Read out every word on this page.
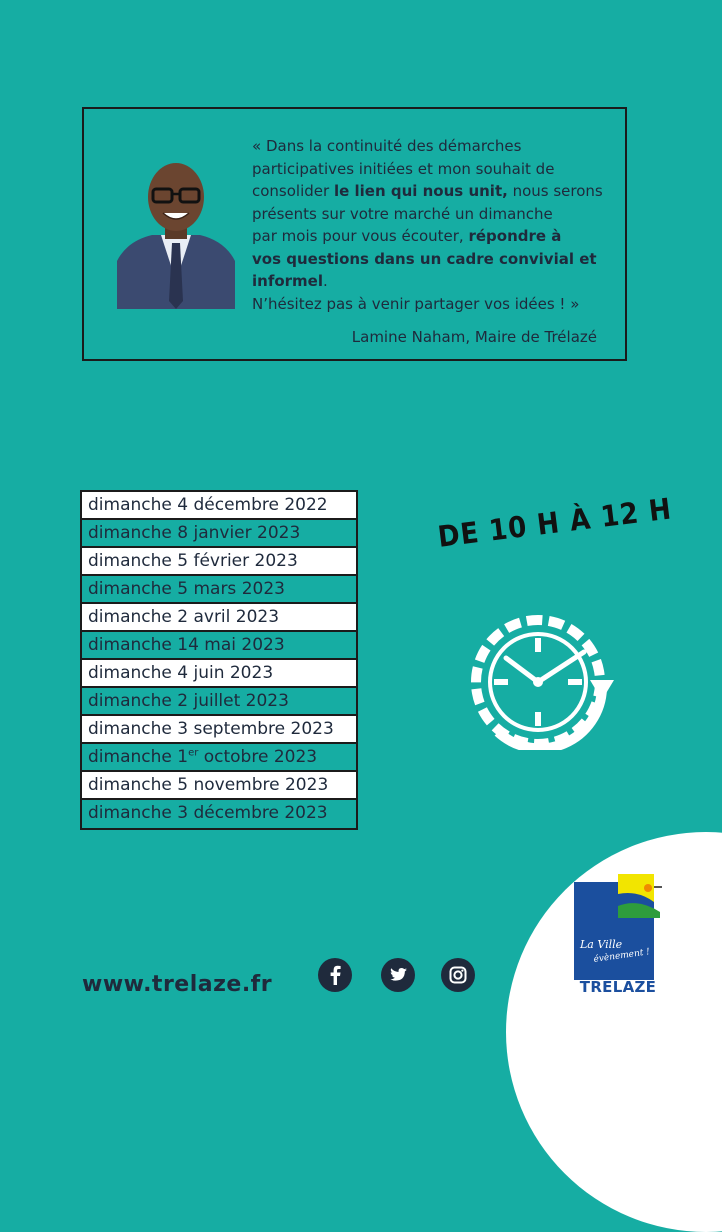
« Dans la continuité des démarches
participatives initiées et mon souhait de
consolider le lien qui nous unit, nous serons
présents sur votre marché un dimanche
par mois pour vous écouter, répondre à
vos questions dans un cadre convivial et
informel.
N’hésitez pas à venir partager vos idées ! »

Lamine Naham, Maire de Trélazé
dimanche 4 décembre 2022
dimanche 8 janvier 2023
dimanche 5 février 2023
dimanche 5 mars 2023
dimanche 2 avril 2023
dimanche 14 mai 2023
dimanche 4 juin 2023
dimanche 2 juillet 2023
dimanche 3 septembre 2023
dimanche 1er octobre 2023
dimanche 5 novembre 2023
dimanche 3 décembre 2023
DE 10 H À 12 H
www.trelaze.fr
La Ville
évènement !
TRÉLAZÉ
